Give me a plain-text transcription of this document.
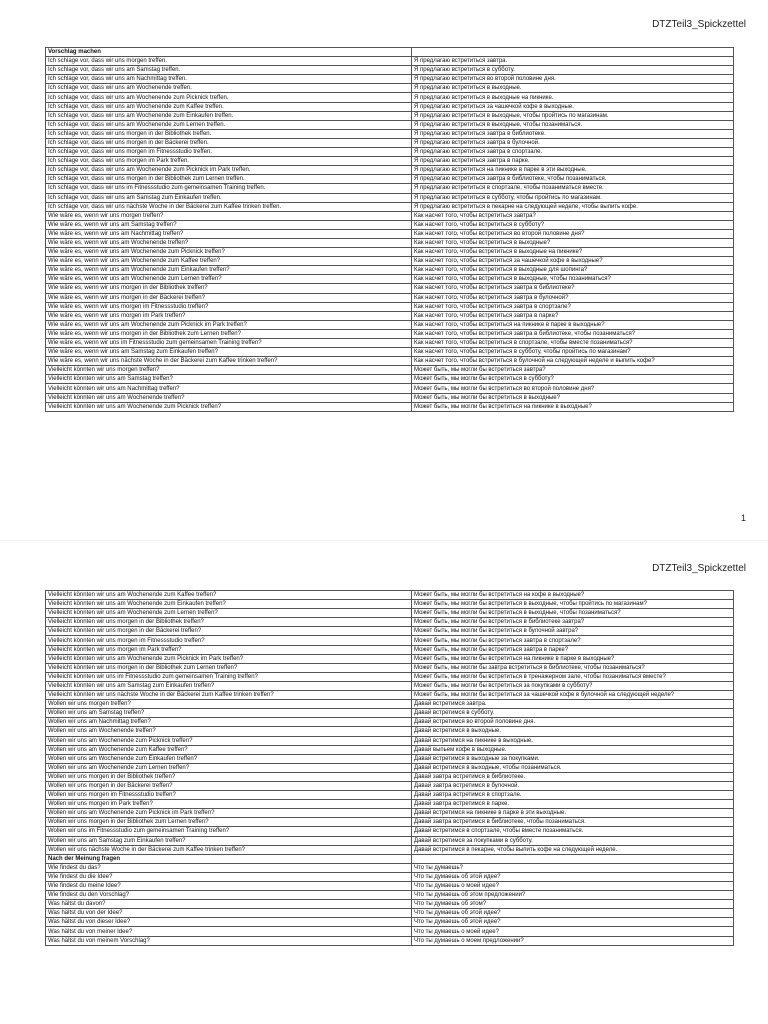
DTZTeil3_Spickzettel
Vorschlag machen	
Ich schlage vor, dass wir uns morgen treffen.	Я предлагаю встретиться завтра.
Ich schlage vor, dass wir uns am Samstag treffen.	Я предлагаю встретиться в субботу.
Ich schlage vor, dass wir uns am Nachmittag treffen.	Я предлагаю встретиться во второй половине дня.
Ich schlage vor, dass wir uns am Wochenende treffen.	Я предлагаю встретиться в выходные.
Ich schlage vor, dass wir uns am Wochenende zum Picknick treffen.	Я предлагаю встретиться в выходные на пикнике.
Ich schlage vor, dass wir uns am Wochenende zum Kaffee treffen.	Я предлагаю встретиться за чашечкой кофе в выходные.
Ich schlage vor, dass wir uns am Wochenende zum Einkaufen treffen.	Я предлагаю встретиться в выходные, чтобы пройтись по магазинам.
Ich schlage vor, dass wir uns am Wochenende zum Lernen treffen.	Я предлагаю встретиться в выходные, чтобы позаниматься.
Ich schlage vor, dass wir uns morgen in der Bibliothek treffen.	Я предлагаю встретиться завтра в библиотеке.
Ich schlage vor, dass wir uns morgen in der Bäckerei treffen.	Я предлагаю встретиться завтра в булочной.
Ich schlage vor, dass wir uns morgen im Fitnessstudio treffen.	Я предлагаю встретиться завтра в спортзале.
Ich schlage vor, dass wir uns morgen im Park treffen.	Я предлагаю встретиться завтра в парке.
Ich schlage vor, dass wir uns am Wochenende zum Picknick im Park treffen.	Я предлагаю встретиться на пикнике в парке в эти выходные.
Ich schlage vor, dass wir uns morgen in der Bibliothek zum Lernen treffen.	Я предлагаю встретиться завтра в библиотеке, чтобы позаниматься.
Ich schlage vor, dass wir uns im Fitnessstudio zum gemeinsamen Training treffen.	Я предлагаю встретиться в спортзале, чтобы позаниматься вместе.
Ich schlage vor, dass wir uns am Samstag zum Einkaufen treffen.	Я предлагаю встретиться в субботу, чтобы пройтись по магазинам.
Ich schlage vor, dass wir uns nächste Woche in der Bäckerei zum Kaffee trinken treffen.	Я предлагаю встретиться в пекарне на следующей неделе, чтобы выпить кофе.
Wie wäre es, wenn wir uns morgen treffen?	Как насчет того, чтобы встретиться завтра?
Wie wäre es, wenn wir uns am Samstag treffen?	Как насчет того, чтобы встретиться в субботу?
Wie wäre es, wenn wir uns am Nachmittag treffen?	Как насчет того, чтобы встретиться во второй половине дня?
Wie wäre es, wenn wir uns am Wochenende treffen?	Как насчет того, чтобы встретиться в выходные?
Wie wäre es, wenn wir uns am Wochenende zum Picknick treffen?	Как насчет того, чтобы встретиться в выходные на пикнике?
Wie wäre es, wenn wir uns am Wochenende zum Kaffee treffen?	Как насчет того, чтобы встретиться за чашечкой кофе в выходные?
Wie wäre es, wenn wir uns am Wochenende zum Einkaufen treffen?	Как насчет того, чтобы встретиться в выходные для шопинга?
Wie wäre es, wenn wir uns am Wochenende zum Lernen treffen?	Как насчет того, чтобы встретиться в выходные, чтобы позаниматься?
Wie wäre es, wenn wir uns morgen in der Bibliothek treffen?	Как насчет того, чтобы встретиться завтра в библиотеке?
Wie wäre es, wenn wir uns morgen in der Bäckerei treffen?	Как насчет того, чтобы встретиться завтра в булочной?
Wie wäre es, wenn wir uns morgen im Fitnessstudio treffen?	Как насчет того, чтобы встретиться завтра в спортзале?
Wie wäre es, wenn wir uns morgen im Park treffen?	Как насчет того, чтобы встретиться завтра в парке?
Wie wäre es, wenn wir uns am Wochenende zum Picknick im Park treffen?	Как насчет того, чтобы встретиться на пикнике в парке в выходные?
Wie wäre es, wenn wir uns morgen in der Bibliothek zum Lernen treffen?	Как насчет того, чтобы встретиться завтра в библиотеке, чтобы позаниматься?
Wie wäre es, wenn wir uns im Fitnessstudio zum gemeinsamen Training treffen?	Как насчет того, чтобы встретиться в спортзале, чтобы вместе позаниматься?
Wie wäre es, wenn wir uns am Samstag zum Einkaufen treffen?	Как насчет того, чтобы встретиться в субботу, чтобы пройтись по магазинам?
Wie wäre es, wenn wir uns nächste Woche in der Bäckerei zum Kaffee trinken treffen?	Как насчет того, чтобы встретиться в булочной на следующей неделе и выпить кофе?
Vielleicht könnten wir uns morgen treffen?	Может быть, мы могли бы встретиться завтра?
Vielleicht könnten wir uns am Samstag treffen?	Может быть, мы могли бы встретиться в субботу?
Vielleicht könnten wir uns am Nachmittag treffen?	Может быть, мы могли бы встретиться во второй половине дня?
Vielleicht könnten wir uns am Wochenende treffen?	Может быть, мы могли бы встретиться в выходные?
Vielleicht könnten wir uns am Wochenende zum Picknick treffen?	Может быть, мы могли бы встретиться на пикнике в выходные?
1
DTZTeil3_Spickzettel
Vielleicht könnten wir uns am Wochenende zum Kaffee treffen?	Может быть, мы могли бы встретиться на кофе в выходные?
Vielleicht könnten wir uns am Wochenende zum Einkaufen treffen?	Может быть, мы могли бы встретиться в выходные, чтобы пройтись по магазинам?
Vielleicht könnten wir uns am Wochenende zum Lernen treffen?	Может быть, мы могли бы встретиться в выходные, чтобы позаниматься?
Vielleicht könnten wir uns morgen in der Bibliothek treffen?	Может быть, мы могли бы встретиться в библиотеке завтра?
Vielleicht könnten wir uns morgen in der Bäckerei treffen?	Может быть, мы могли бы встретиться в булочной завтра?
Vielleicht könnten wir uns morgen im Fitnessstudio treffen?	Может быть, мы могли бы встретиться завтра в спортзале?
Vielleicht könnten wir uns morgen im Park treffen?	Может быть, мы могли бы встретиться завтра в парке?
Vielleicht könnten wir uns am Wochenende zum Picknick im Park treffen?	Может быть, мы могли бы встретиться на пикнике в парке в выходные?
Vielleicht könnten wir uns morgen in der Bibliothek zum Lernen treffen?	Может быть, мы могли бы завтра встретиться в библиотеке, чтобы позаниматься?
Vielleicht könnten wir uns im Fitnessstudio zum gemeinsamen Training treffen?	Может быть, мы могли бы встретиться в тренажерном зале, чтобы позаниматься вместе?
Vielleicht könnten wir uns am Samstag zum Einkaufen treffen?	Может быть, мы могли бы встретиться за покупками в субботу?
Vielleicht könnten wir uns nächste Woche in der Bäckerei zum Kaffee trinken treffen?	Может быть, мы могли бы встретиться за чашечкой кофе в булочной на следующей неделе?
Wollen wir uns morgen treffen?	Давай встретимся завтра.
Wollen wir uns am Samstag treffen?	Давай встретимся в субботу.
Wollen wir uns am Nachmittag treffen?	Давай встретимся во второй половине дня.
Wollen wir uns am Wochenende treffen?	Давай встретимся в выходные.
Wollen wir uns am Wochenende zum Picknick treffen?	Давай встретимся на пикнике в выходные.
Wollen wir uns am Wochenende zum Kaffee treffen?	Давай выпьем кофе в выходные.
Wollen wir uns am Wochenende zum Einkaufen treffen?	Давай встретимся в выходные за покупками.
Wollen wir uns am Wochenende zum Lernen treffen?	Давай встретимся в выходные, чтобы позаниматься.
Wollen wir uns morgen in der Bibliothek treffen?	Давай завтра встретимся в библиотеке.
Wollen wir uns morgen in der Bäckerei treffen?	Давай завтра встретимся в булочной.
Wollen wir uns morgen im Fitnessstudio treffen?	Давай завтра встретимся в спортзале.
Wollen wir uns morgen im Park treffen?	Давай завтра встретимся в парке.
Wollen wir uns am Wochenende zum Picknick im Park treffen?	Давай встретимся на пикнике в парке в эти выходные.
Wollen wir uns morgen in der Bibliothek zum Lernen treffen?	Давай завтра встретимся в библиотеке, чтобы позаниматься.
Wollen wir uns im Fitnessstudio zum gemeinsamen Training treffen?	Давай встретимся в спортзале, чтобы вместе позаниматься.
Wollen wir uns am Samstag zum Einkaufen treffen?	Давай встретимся за покупками в субботу.
Wollen wir uns nächste Woche in der Bäckerei zum Kaffee trinken treffen?	Давай встретимся в пекарне, чтобы выпить кофе на следующей неделе.
Nach der Meinung fragen	
Wie findest du das?	Что ты думаешь?
Wie findest du die Idee?	Что ты думаешь об этой идее?
Wie findest du meine Idee?	Что ты думаешь о моей идее?
Wie findest du den Vorschlag?	Что ты думаешь об этом предложении?
Was hältst du davon?	Что ты думаешь об этом?
Was hältst du von der Idee?	Что ты думаешь об этой идее?
Was hältst du von dieser Idee?	Что ты думаешь об этой идее?
Was hältst du von meiner Idee?	Что ты думаешь о моей идее?
Was hältst du von meinem Vorschlag?	Что ты думаешь о моем предложении?
